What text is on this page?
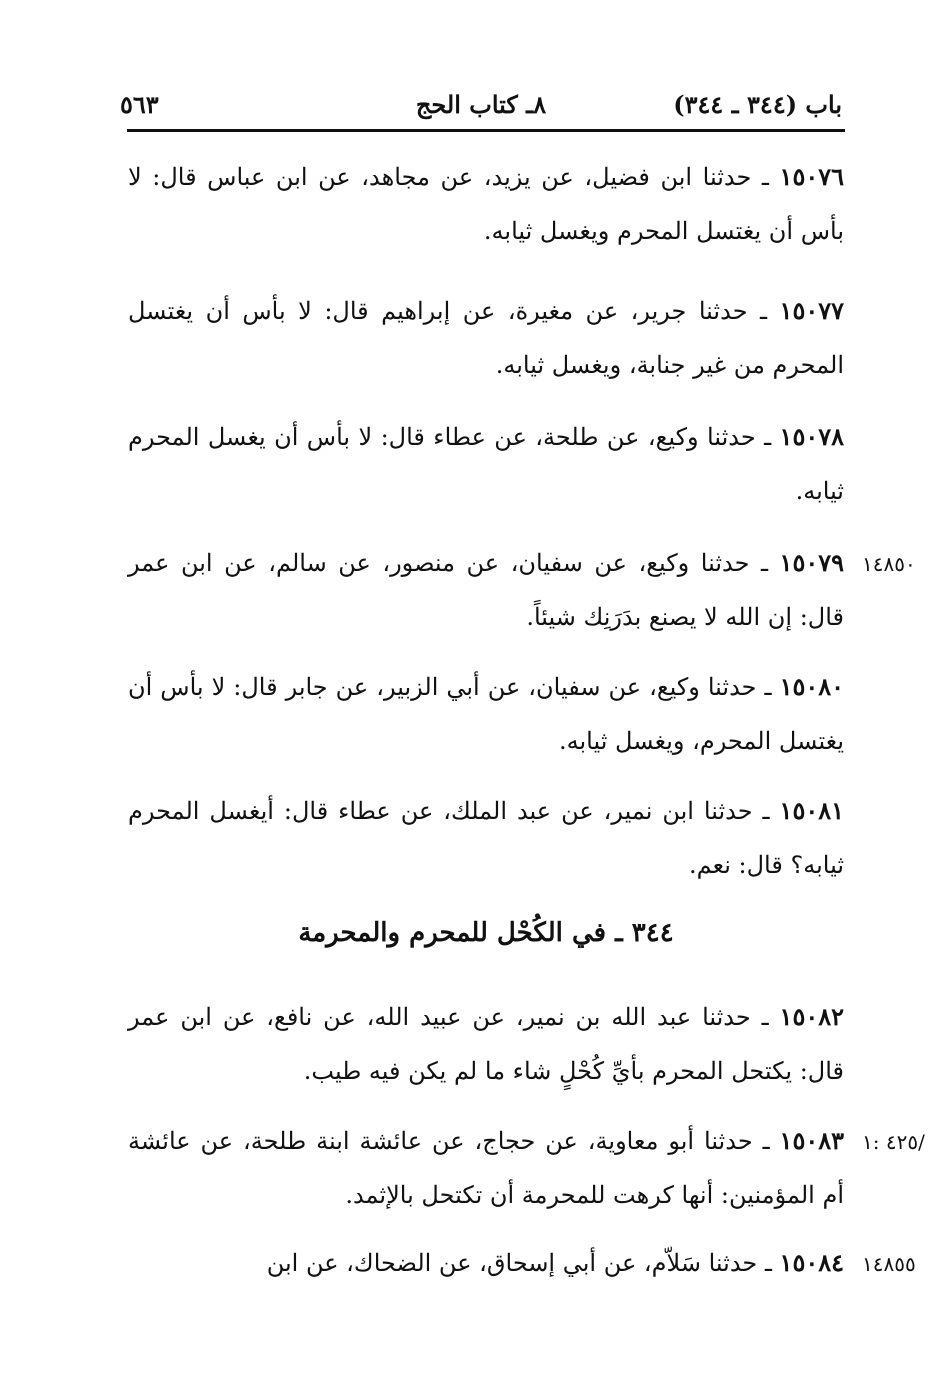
باب (٣٤٤ ـ ٣٤٤)
٨ـ كتاب الحج
٥٦٣

١٥٠٧٦ ـ حدثنا ابن فضيل، عن يزيد، عن مجاهد، عن ابن عباس قال: لا بأس أن يغتسل المحرم ويغسل ثيابه.

١٥٠٧٧ ـ حدثنا جرير، عن مغيرة، عن إبراهيم قال: لا بأس أن يغتسل المحرم من غير جنابة، ويغسل ثيابه.

١٥٠٧٨ ـ حدثنا وكيع، عن طلحة، عن عطاء قال: لا بأس أن يغسل المحرم ثيابه.

١٤٨٥٠

١٥٠٧٩ ـ حدثنا وكيع، عن سفيان، عن منصور، عن سالم، عن ابن عمر قال: إن الله لا يصنع بدَرَنِك شيئاً.

١٥٠٨٠ ـ حدثنا وكيع، عن سفيان، عن أبي الزبير، عن جابر قال: لا بأس أن يغتسل المحرم، ويغسل ثيابه.

١٥٠٨١ ـ حدثنا ابن نمير، عن عبد الملك، عن عطاء قال: أيغسل المحرم ثيابه؟ قال: نعم.

٣٤٤ ـ في الكُحْل للمحرم والمحرمة

١٥٠٨٢ ـ حدثنا عبد الله بن نمير، عن عبيد الله، عن نافع، عن ابن عمر قال: يكتحل المحرم بأيِّ كُحْلٍ شاء ما لم يكن فيه طيب.

٤٢٥ :١/

١٥٠٨٣ ـ حدثنا أبو معاوية، عن حجاج، عن عائشة ابنة طلحة، عن عائشة أم المؤمنين: أنها كرهت للمحرمة أن تكتحل بالإثمد.

١٤٨٥٥

١٥٠٨٤ ـ حدثنا سَلاّم، عن أبي إسحاق، عن الضحاك، عن ابن
